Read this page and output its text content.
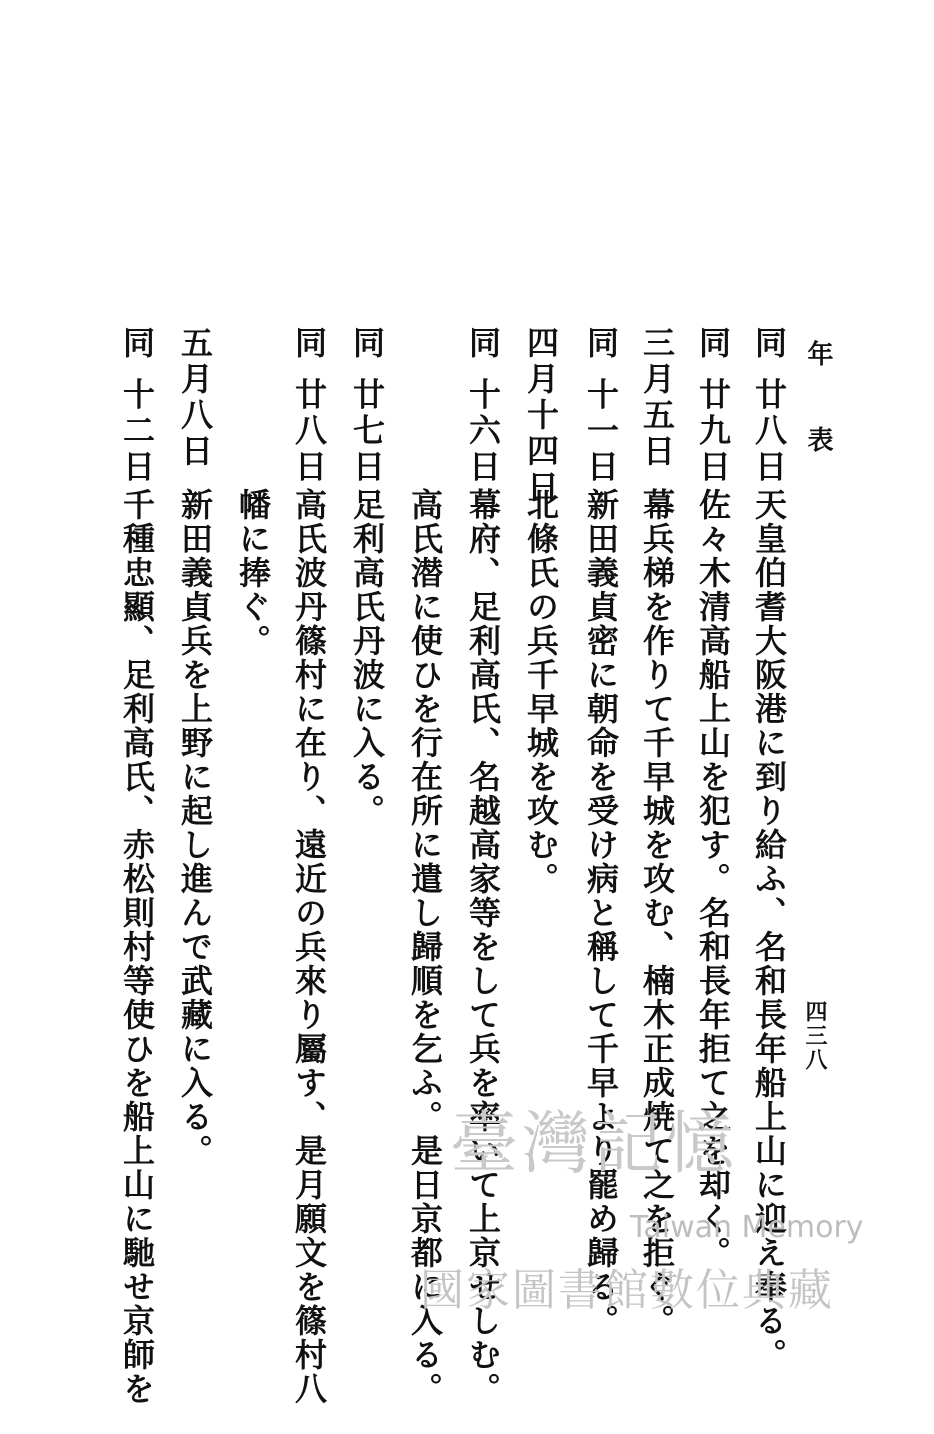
年表
四三八
同 廿八日
天皇伯耆大阪港に到り給ふ、名和長年船上山に迎え奉る。
同 廿九日
佐々木清高船上山を犯す。名和長年拒て之を却く。
三月五日
幕兵梯を作りて千早城を攻む、楠木正成焼て之を拒ぐ。
同 十一日
新田義貞密に朝命を受け病と稱して千早より罷め歸る。
四月十四日
北條氏の兵千早城を攻む。
同 十六日
幕府、足利高氏、名越高家等をして兵を率いて上京せしむ。
高氏潜に使ひを行在所に遣し歸順を乞ふ。是日京都に入る。
同 廿七日
足利高氏丹波に入る。
同 廿八日
高氏波丹篠村に在り、遠近の兵來り屬す、是月願文を篠村八
幡に捧ぐ。
五月八日
新田義貞兵を上野に起し進んで武藏に入る。
同 十二日
千種忠顯、足利高氏、赤松則村等使ひを船上山に馳せ京師を	臺灣記憶
Taiwan Memory
國家圖書館數位典藏
